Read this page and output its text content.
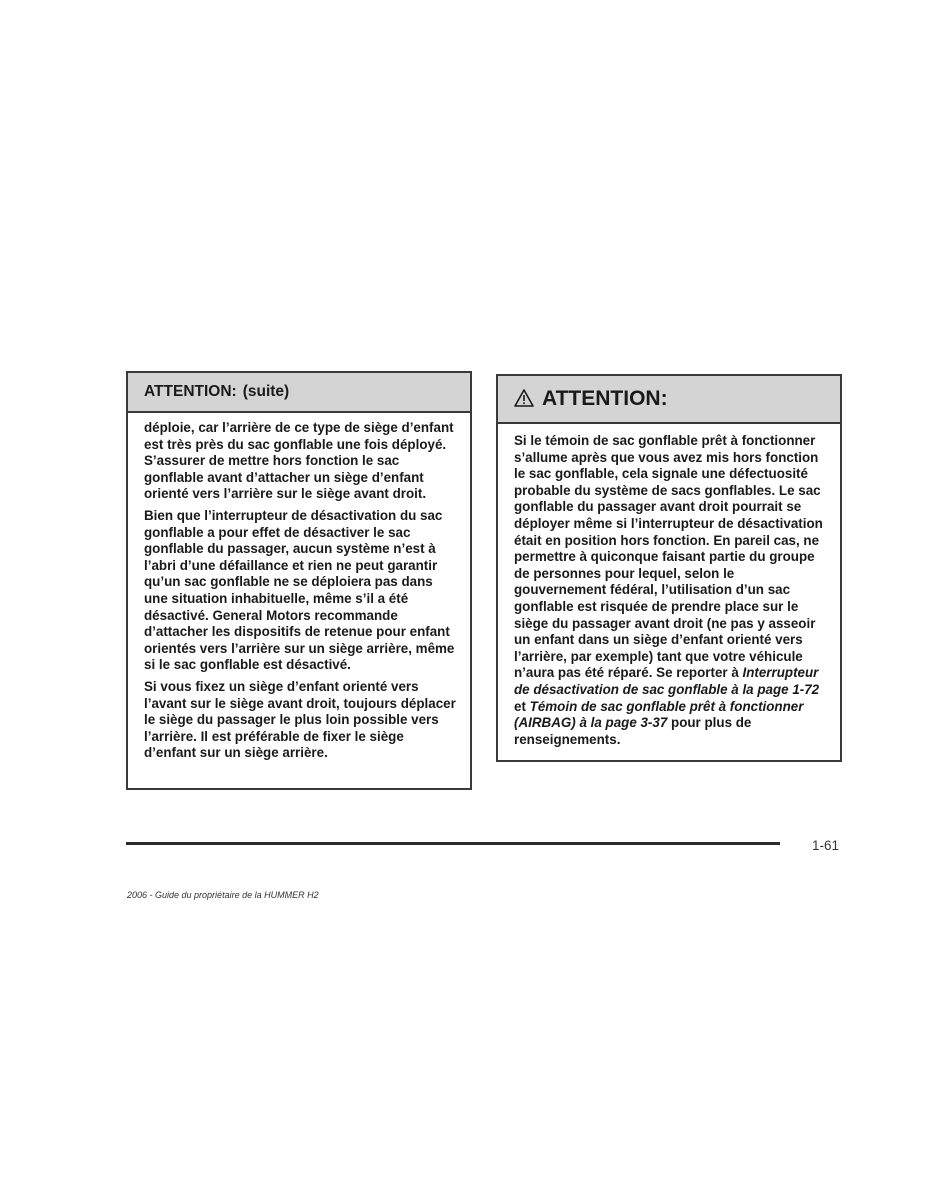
ATTENTION: (suite)

déploie, car l’arrière de ce type de siège d’enfant est très près du sac gonflable une fois déployé. S’assurer de mettre hors fonction le sac gonflable avant d’attacher un siège d’enfant orienté vers l’arrière sur le siège avant droit.

Bien que l’interrupteur de désactivation du sac gonflable a pour effet de désactiver le sac gonflable du passager, aucun système n’est à l’abri d’une défaillance et rien ne peut garantir qu’un sac gonflable ne se déploiera pas dans une situation inhabituelle, même s’il a été désactivé. General Motors recommande d’attacher les dispositifs de retenue pour enfant orientés vers l’arrière sur un siège arrière, même si le sac gonflable est désactivé.

Si vous fixez un siège d’enfant orienté vers l’avant sur le siège avant droit, toujours déplacer le siège du passager le plus loin possible vers l’arrière. Il est préférable de fixer le siège d’enfant sur un siège arrière.

ATTENTION:

Si le témoin de sac gonflable prêt à fonctionner s’allume après que vous avez mis hors fonction le sac gonflable, cela signale une défectuosité probable du système de sacs gonflables. Le sac gonflable du passager avant droit pourrait se déployer même si l’interrupteur de désactivation était en position hors fonction. En pareil cas, ne permettre à quiconque faisant partie du groupe de personnes pour lequel, selon le gouvernement fédéral, l’utilisation d’un sac gonflable est risquée de prendre place sur le siège du passager avant droit (ne pas y asseoir un enfant dans un siège d’enfant orienté vers l’arrière, par exemple) tant que votre véhicule n’aura pas été réparé. Se reporter à Interrupteur de désactivation de sac gonflable à la page 1-72 et Témoin de sac gonflable prêt à fonctionner (AIRBAG) à la page 3-37 pour plus de renseignements.

1-61
2006 - Guide du propriétaire de la HUMMER H2
